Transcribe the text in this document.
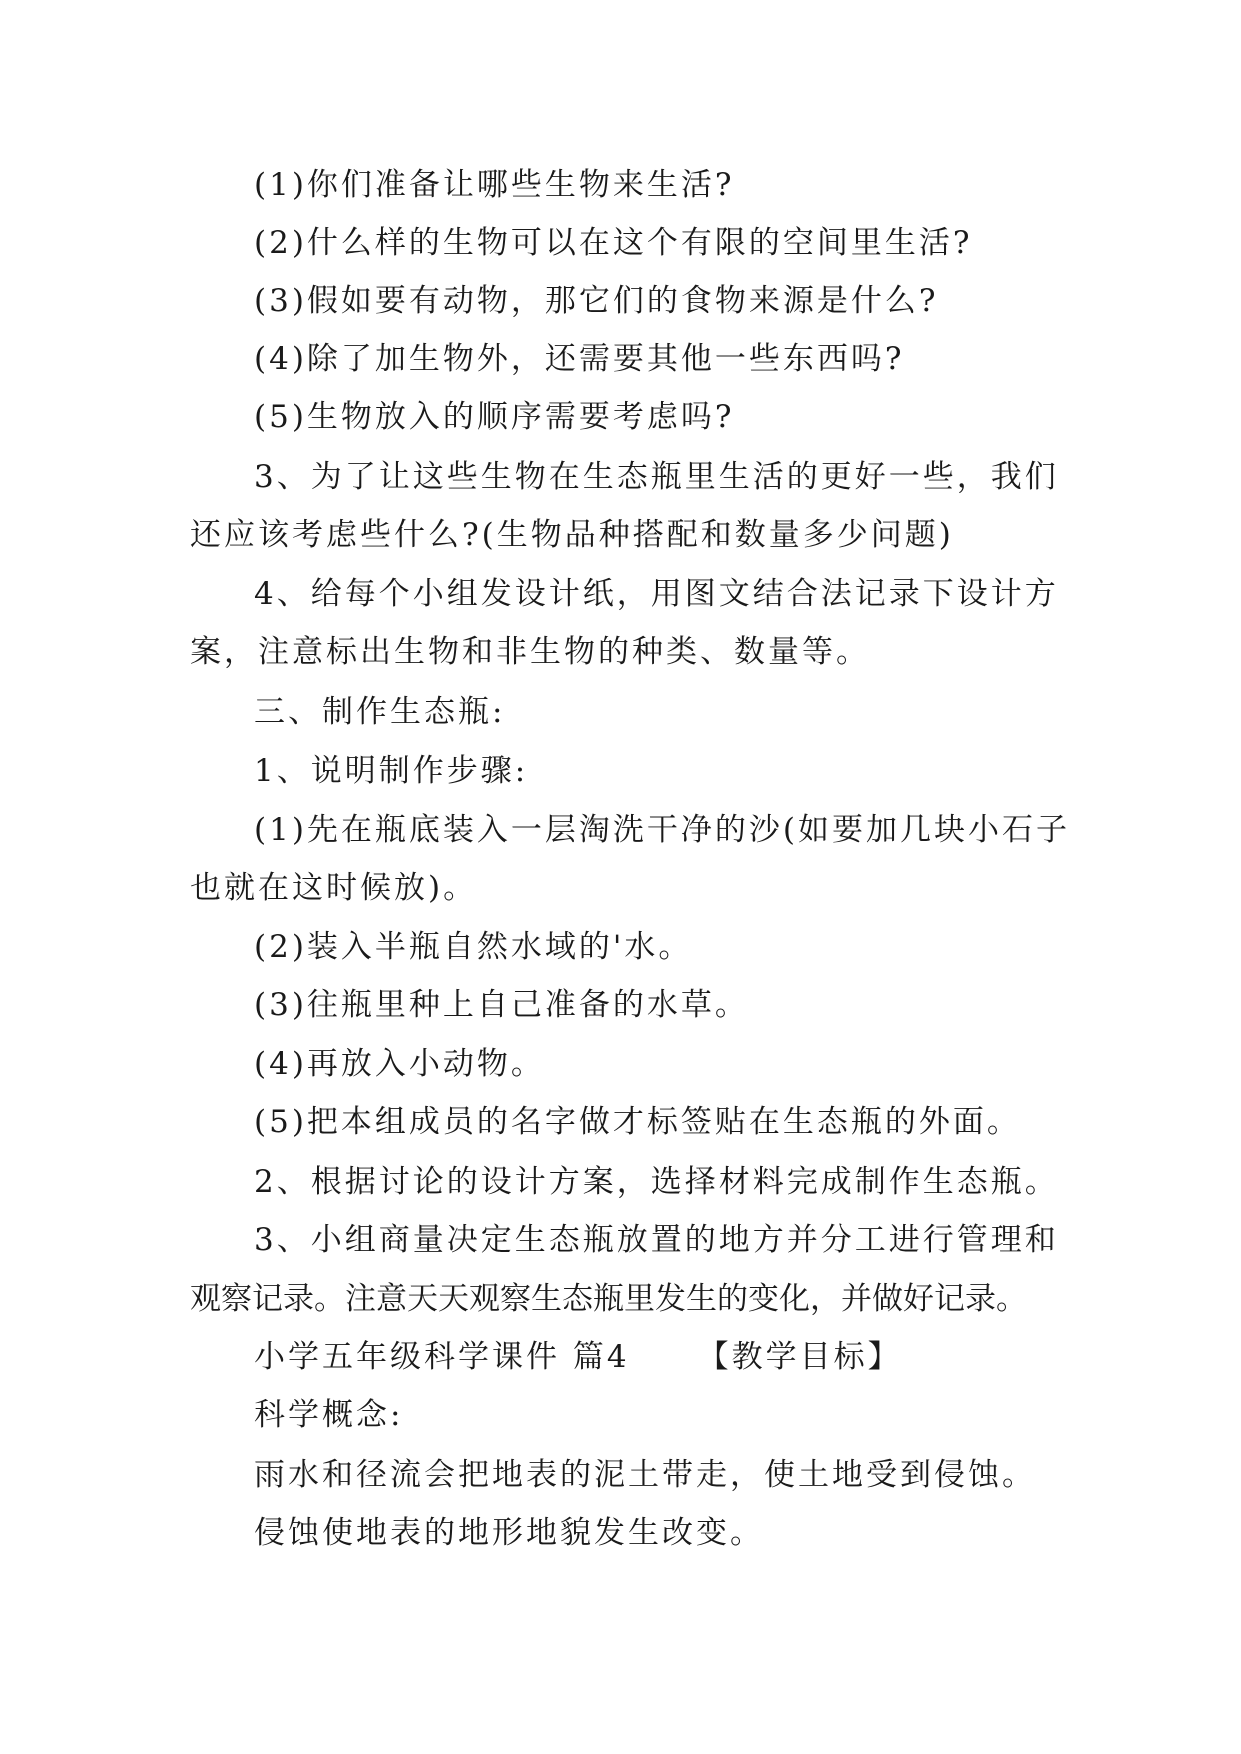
(1)你们准备让哪些生物来生活?
(2)什么样的生物可以在这个有限的空间里生活?
(3)假如要有动物，那它们的食物来源是什么?
(4)除了加生物外，还需要其他一些东西吗?
(5)生物放入的顺序需要考虑吗?
3、为了让这些生物在生态瓶里生活的更好一些，我们
还应该考虑些什么?(生物品种搭配和数量多少问题)
4、给每个小组发设计纸，用图文结合法记录下设计方
案，注意标出生物和非生物的种类、数量等。
三、制作生态瓶:
1、说明制作步骤:
(1)先在瓶底装入一层淘洗干净的沙(如要加几块小石子
也就在这时候放)。
(2)装入半瓶自然水域的'水。
(3)往瓶里种上自己准备的水草。
(4)再放入小动物。
(5)把本组成员的名字做才标签贴在生态瓶的外面。
2、根据讨论的设计方案，选择材料完成制作生态瓶。
3、小组商量决定生态瓶放置的地方并分工进行管理和
观察记录。注意天天观察生态瓶里发生的变化，并做好记录。
小学五年级科学课件 篇4 【教学目标】
科学概念:
雨水和径流会把地表的泥土带走，使土地受到侵蚀。
侵蚀使地表的地形地貌发生改变。
